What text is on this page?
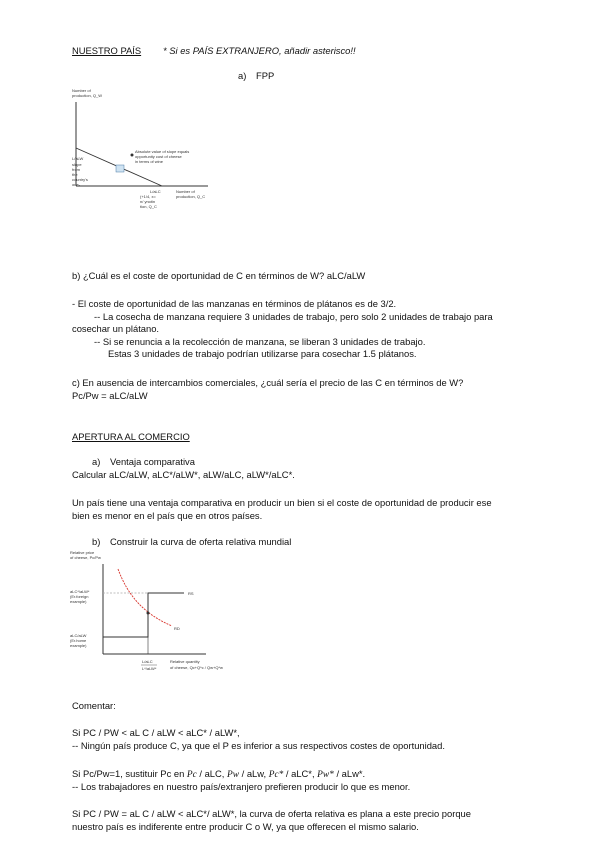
NUESTRO PAÍS * Si es PAÍS EXTRANJERO, añadir asterisco!!
a) FPP
Number of
production, Q_W
L/aLW
slope
from
the
country's
one-
Absolute value of slope equals
opportunity cost of cheese
in terms of wine
L/aLC
(+1/4, x=
n/ ynotin
tion, Q_C
Number of
production, Q_C
b) ¿Cuál es el coste de oportunidad de C en términos de W? aLC/aLW
- El coste de oportunidad de las manzanas en términos de plátanos es de 3/2.
-- La cosecha de manzana requiere 3 unidades de trabajo, pero solo 2 unidades de trabajo para
cosechar un plátano.
-- Si se renuncia a la recolección de manzana, se liberan 3 unidades de trabajo.
Estas 3 unidades de trabajo podrían utilizarse para cosechar 1.5 plátanos.
c) En ausencia de intercambios comerciales, ¿cuál sería el precio de las C en términos de W?
Pc/Pw = aLC/aLW
APERTURA AL COMERCIO
a) Ventaja comparativa
Calcular aLC/aLW, aLC*/aLW*, aLW/aLC, aLW*/aLC*.
Un país tiene una ventaja comparativa en producir un bien si el coste de oportunidad de producir ese
bien es menor en el país que en otros países.
b) Construir la curva de oferta relativa mundial
Relative price
of cheese, Pc/Pw
RS
RD
aLC*/aLW*
(Er.foreign
example)
aLC/aLW
(Er.home
example)
L/aLC
L*/aLW*
Relative quantity
of cheese, Qc+Q*c / Qw+Q*w
Comentar:
Si PC / PW < aL C / aLW < aLC* / aLW*,
-- Ningún país produce C, ya que el P es inferior a sus respectivos costes de oportunidad.
Si Pc/Pw=1, sustituir Pc en Pc / aLC, Pw / aLw, Pc* / aLC*, Pw* / aLw*.
-- Los trabajadores en nuestro país/extranjero prefieren producir lo que es menor.
Si PC / PW = aL C / aLW < aLC*/ aLW*, la curva de oferta relativa es plana a este precio porque
nuestro país es indiferente entre producir C o W, ya que offerecen el mismo salario.
